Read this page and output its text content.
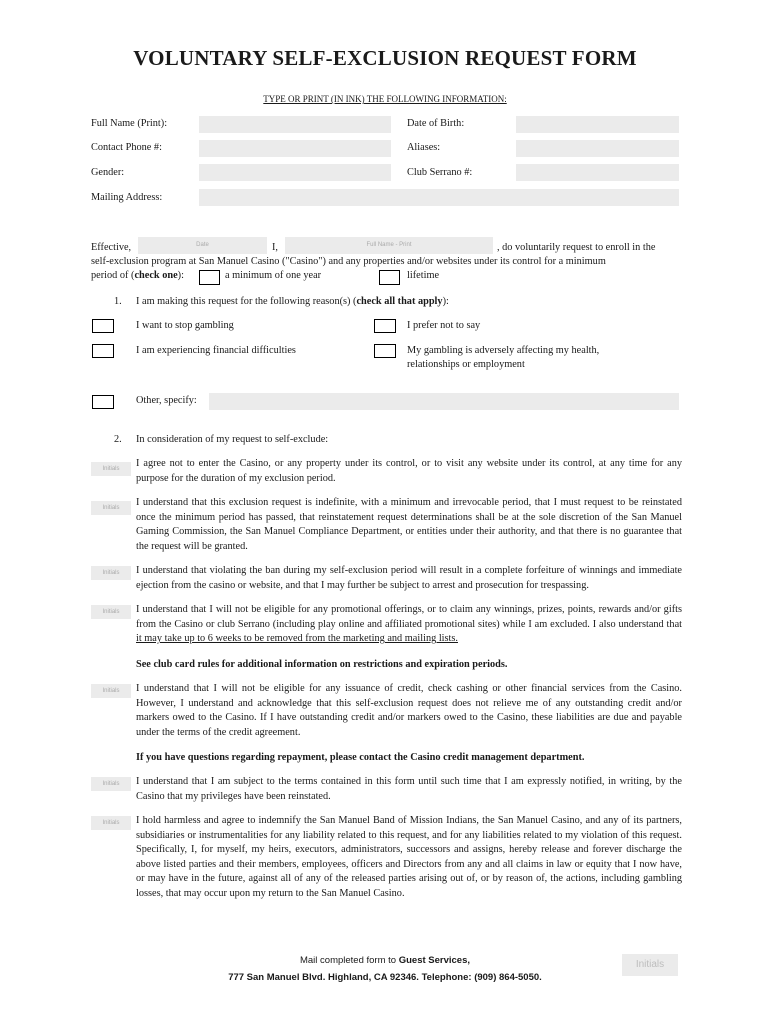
VOLUNTARY SELF-EXCLUSION REQUEST FORM
TYPE OR PRINT (IN INK) THE FOLLOWING INFORMATION:
Full Name (Print):	Date of Birth:
Contact Phone #:	Aliases:
Gender:	Club Serrano #:
Mailing Address:
Effective,	Date	I,	Full Name - Print	, do voluntarily request to enroll in the
self-exclusion program at San Manuel Casino ("Casino") and any properties and/or websites under its control for a minimum
period of (check one):	a minimum of one year	lifetime
1. I am making this request for the following reason(s) (check all that apply):
I want to stop gambling	I prefer not to say
I am experiencing financial difficulties	My gambling is adversely affecting my health,
relationships or employment
Other, specify:
2. In consideration of my request to self-exclude:
Initials	I agree not to enter the Casino, or any property under its control, or to visit any website under its control, at any time for any purpose for the duration of my exclusion period.
Initials	I understand that this exclusion request is indefinite, with a minimum and irrevocable period, that I must request to be reinstated once the minimum period has passed, that reinstatement request determinations shall be at the sole discretion of the San Manuel Gaming Commission, the San Manuel Compliance Department, or entities under their authority, and that there is no guarantee that the request will be granted.
Initials	I understand that violating the ban during my self-exclusion period will result in a complete forfeiture of winnings and immediate ejection from the casino or website, and that I may further be subject to arrest and prosecution for trespassing.
Initials	I understand that I will not be eligible for any promotional offerings, or to claim any winnings, prizes, points, rewards and/or gifts from the Casino or club Serrano (including play online and affiliated promotional sites) while I am excluded. I also understand that it may take up to 6 weeks to be removed from the marketing and mailing lists.
See club card rules for additional information on restrictions and expiration periods.
Initials	I understand that I will not be eligible for any issuance of credit, check cashing or other financial services from the Casino. However, I understand and acknowledge that this self-exclusion request does not relieve me of any outstanding credit and/or markers owed to the Casino. If I have outstanding credit and/or markers owed to the Casino, these liabilities are due and payable under the terms of the credit agreement.
If you have questions regarding repayment, please contact the Casino credit management department.
Initials	I understand that I am subject to the terms contained in this form until such time that I am expressly notified, in writing, by the Casino that my privileges have been reinstated.
Initials	I hold harmless and agree to indemnify the San Manuel Band of Mission Indians, the San Manuel Casino, and any of its partners, subsidiaries or instrumentalities for any liability related to this request, and for any liabilities related to my violation of this request. Specifically, I, for myself, my heirs, executors, administrators, successors and assigns, hereby release and forever discharge the above listed parties and their members, employees, officers and Directors from any and all claims in law or equity that I now have, or may have in the future, against all of any of the released parties arising out of, or by reason of, the actions, including gambling losses, that may occur upon my return to the San Manuel Casino.
Mail completed form to Guest Services,
777 San Manuel Blvd. Highland, CA 92346. Telephone: (909) 864-5050.
Initials
